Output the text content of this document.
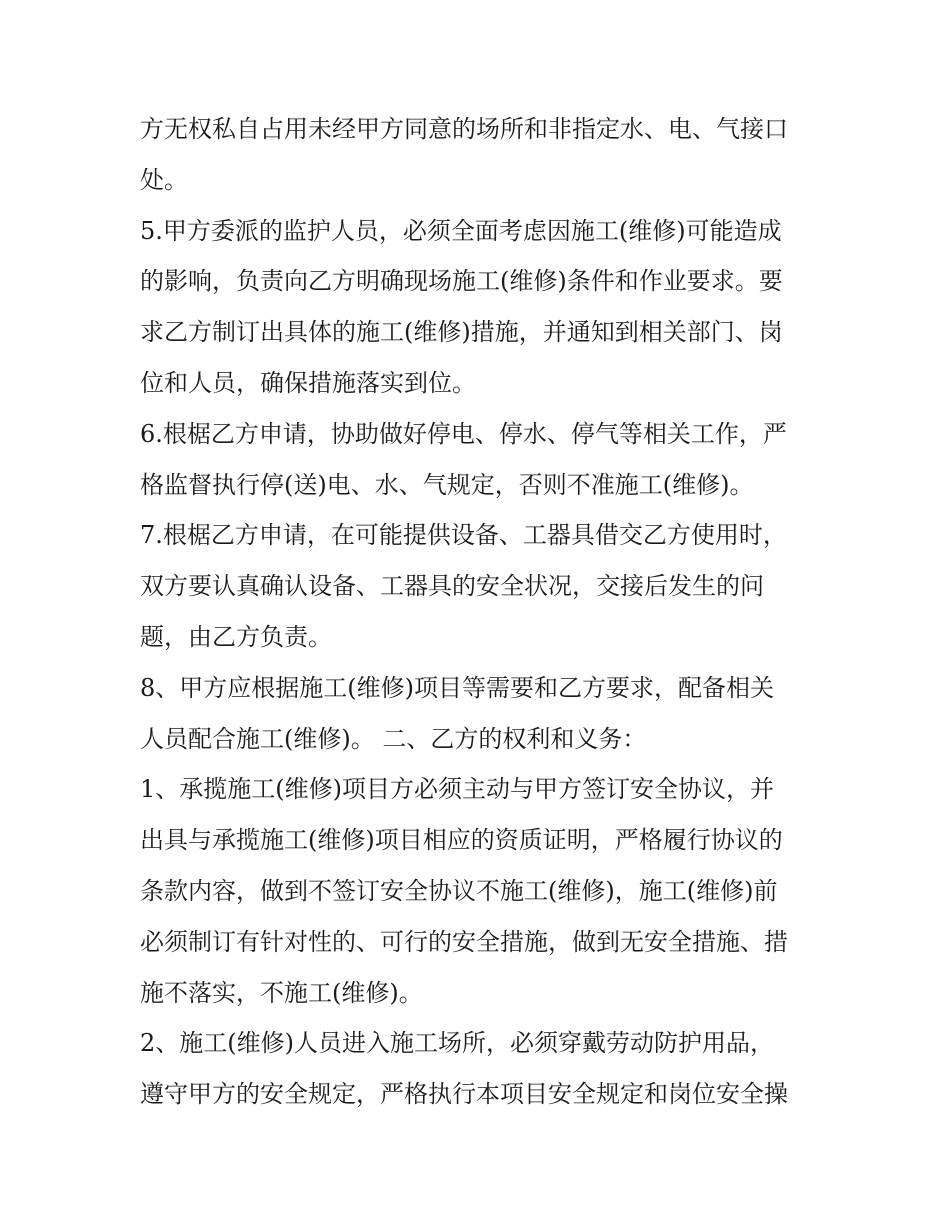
方无权私自占用未经甲方同意的场所和非指定水、电、气接口
处。
5.甲方委派的监护人员，必须全面考虑因施工(维修)可能造成
的影响，负责向乙方明确现场施工(维修)条件和作业要求。要
求乙方制订出具体的施工(维修)措施，并通知到相关部门、岗
位和人员，确保措施落实到位。
6.根椐乙方申请，协助做好停电、停水、停气等相关工作，严
格监督执行停(送)电、水、气规定，否则不准施工(维修)。
7.根椐乙方申请，在可能提供设备、工器具借交乙方使用时，
双方要认真确认设备、工器具的安全状况，交接后发生的问
题，由乙方负责。
8、甲方应根据施工(维修)项目等需要和乙方要求，配备相关
人员配合施工(维修)。 二、乙方的权利和义务：
1、承揽施工(维修)项目方必须主动与甲方签订安全协议，并
出具与承揽施工(维修)项目相应的资质证明，严格履行协议的
条款内容，做到不签订安全协议不施工(维修)，施工(维修)前
必须制订有针对性的、可行的安全措施，做到无安全措施、措
施不落实，不施工(维修)。
2、施工(维修)人员进入施工场所，必须穿戴劳动防护用品，
遵守甲方的安全规定，严格执行本项目安全规定和岗位安全操
